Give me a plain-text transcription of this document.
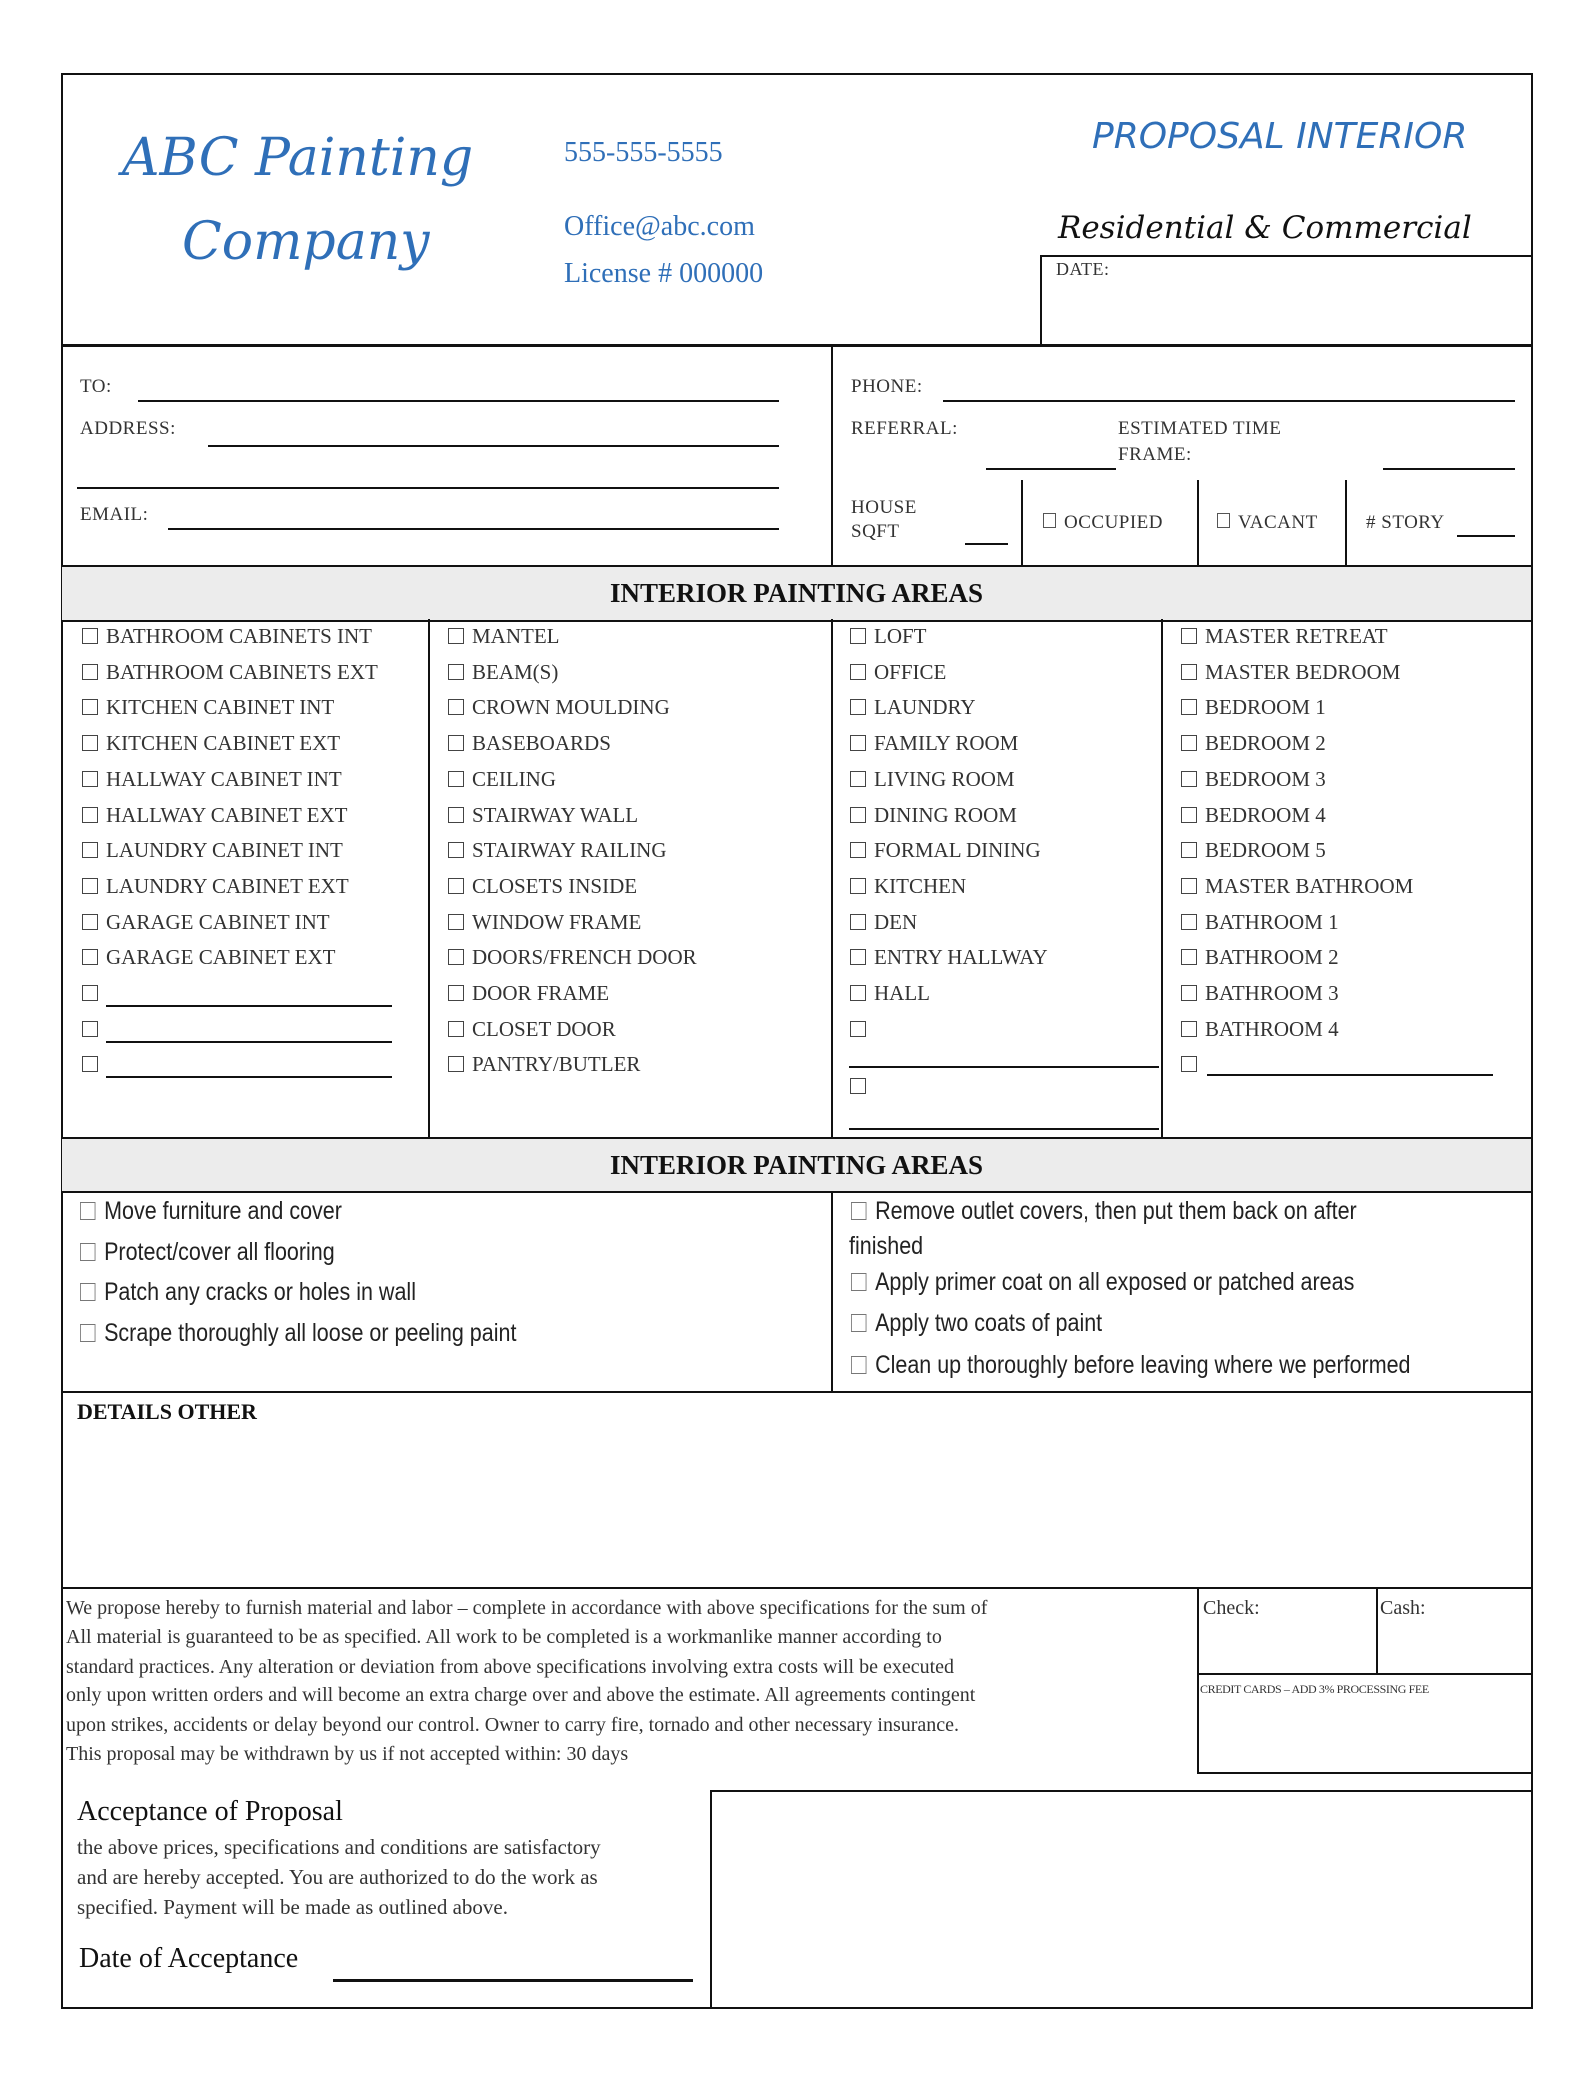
ABC Painting
Company
555-555-5555
Office@abc.com
License # 000000
PROPOSAL INTERIOR
Residential & Commercial
DATE:
TO:
ADDRESS:
EMAIL:
PHONE:
REFERRAL:	ESTIMATED TIME
FRAME:
HOUSE
SQFT	OCCUPIED	VACANT	# STORY
INTERIOR PAINTING AREAS
BATHROOM CABINETS INT
BATHROOM CABINETS EXT
KITCHEN CABINET INT
KITCHEN CABINET EXT
HALLWAY CABINET INT
HALLWAY CABINET EXT
LAUNDRY CABINET INT
LAUNDRY CABINET EXT
GARAGE CABINET INT
GARAGE CABINET EXT
MANTEL
BEAM(S)
CROWN MOULDING
BASEBOARDS
CEILING
STAIRWAY WALL
STAIRWAY RAILING
CLOSETS INSIDE
WINDOW FRAME
DOORS/FRENCH DOOR
DOOR FRAME
CLOSET DOOR
PANTRY/BUTLER
LOFT
OFFICE
LAUNDRY
FAMILY ROOM
LIVING ROOM
DINING ROOM
FORMAL DINING
KITCHEN
DEN
ENTRY HALLWAY
HALL
MASTER RETREAT
MASTER BEDROOM
BEDROOM 1
BEDROOM 2
BEDROOM 3
BEDROOM 4
BEDROOM 5
MASTER BATHROOM
BATHROOM 1
BATHROOM 2
BATHROOM 3
BATHROOM 4
INTERIOR PAINTING AREAS
Move furniture and cover
Protect/cover all flooring
Patch any cracks or holes in wall
Scrape thoroughly all loose or peeling paint
Apply primer coat on all exposed or patched areas
Apply two coats of paint
Clean up thoroughly before leaving where we performed
Remove outlet covers, then put them back on after
finished
DETAILS OTHER
We propose hereby to furnish material and labor – complete in accordance with above specifications for the sum of
All material is guaranteed to be as specified. All work to be completed is a workmanlike manner according to
standard practices. Any alteration or deviation from above specifications involving extra costs will be executed
only upon written orders and will become an extra charge over and above the estimate. All agreements contingent
upon strikes, accidents or delay beyond our control. Owner to carry fire, tornado and other necessary insurance.
This proposal may be withdrawn by us if not accepted within: 30 days
Check:	Cash:
CREDIT CARDS – ADD 3% PROCESSING FEE
Acceptance of Proposal
the above prices, specifications and conditions are satisfactory
and are hereby accepted. You are authorized to do the work as
specified. Payment will be made as outlined above.
Date of Acceptance
